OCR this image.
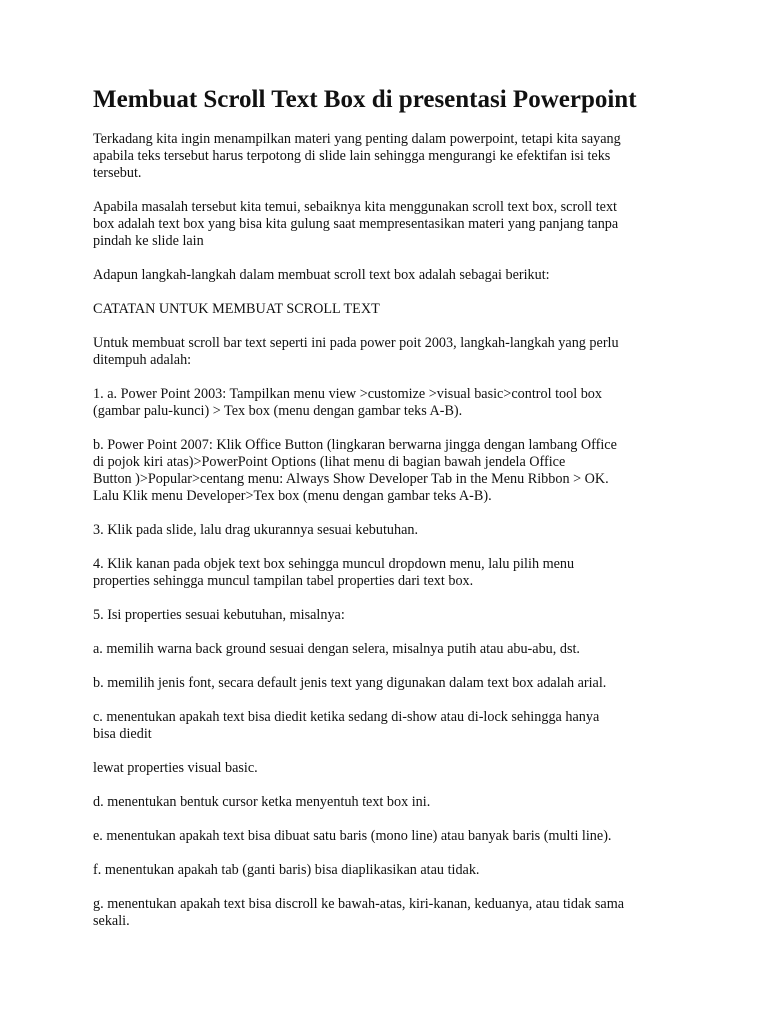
Membuat Scroll Text Box di presentasi Powerpoint

Terkadang kita ingin menampilkan materi yang penting dalam powerpoint, tetapi kita sayang
apabila teks tersebut harus terpotong di slide lain sehingga mengurangi ke efektifan isi teks
tersebut.

Apabila masalah tersebut kita temui, sebaiknya kita menggunakan scroll text box, scroll text
box adalah text box yang bisa kita gulung saat mempresentasikan materi yang panjang tanpa
pindah ke slide lain

Adapun langkah-langkah dalam membuat scroll text box adalah sebagai berikut:

CATATAN UNTUK MEMBUAT SCROLL TEXT

Untuk membuat scroll bar text seperti ini pada power poit 2003, langkah-langkah yang perlu
ditempuh adalah:

1. a. Power Point 2003: Tampilkan menu view >customize >visual basic>control tool box
(gambar palu-kunci) > Tex box (menu dengan gambar teks A-B).

b. Power Point 2007: Klik Office Button (lingkaran berwarna jingga dengan lambang Office
di pojok kiri atas)>PowerPoint Options (lihat menu di bagian bawah jendela Office
Button )>Popular>centang menu: Always Show Developer Tab in the Menu Ribbon > OK.
Lalu Klik menu Developer>Tex box (menu dengan gambar teks A-B).

3. Klik pada slide, lalu drag ukurannya sesuai kebutuhan.

4. Klik kanan pada objek text box sehingga muncul dropdown menu, lalu pilih menu
properties sehingga muncul tampilan tabel properties dari text box.

5. Isi properties sesuai kebutuhan, misalnya:

a. memilih warna back ground sesuai dengan selera, misalnya putih atau abu-abu, dst.

b. memilih jenis font, secara default jenis text yang digunakan dalam text box adalah arial.

c. menentukan apakah text bisa diedit ketika sedang di-show atau di-lock sehingga hanya
bisa diedit

lewat properties visual basic.

d. menentukan bentuk cursor ketka menyentuh text box ini.

e. menentukan apakah text bisa dibuat satu baris (mono line) atau banyak baris (multi line).

f. menentukan apakah tab (ganti baris) bisa diaplikasikan atau tidak.

g. menentukan apakah text bisa discroll ke bawah-atas, kiri-kanan, keduanya, atau tidak sama
sekali.
